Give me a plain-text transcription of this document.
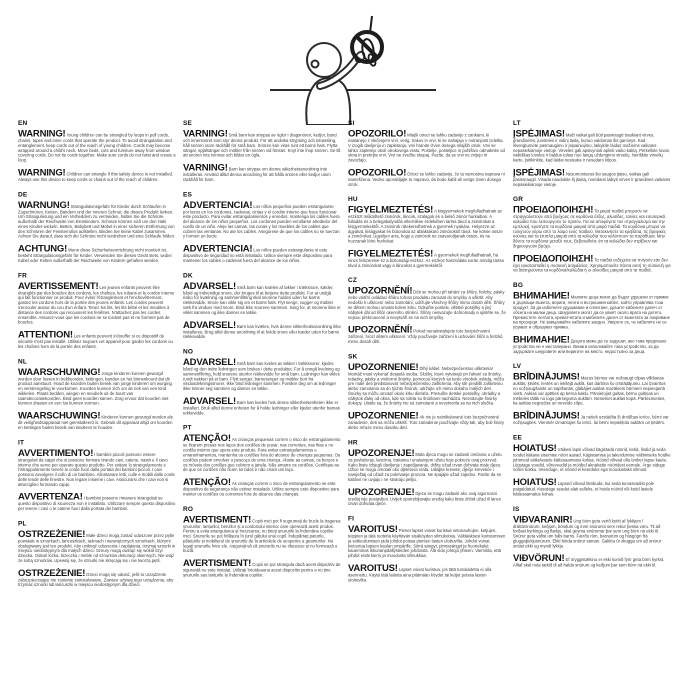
EN

WARNING!Young children can be strangled by loops in pull cords, chains, tapes and inner cords that operate the product. To avoid strangulation and entanglement, keep cords out of the reach of young children. Cords may become wrapped around a child's neck. Move beds, cots and furniture away from window covering cords. Do not tie cords together. Make sure cords do not twist and create a loop.

WARNING!Children can strangle if this safety device is not installed. Always use this device to keep cords or chains out of the reach of children.

DE

WARNUNG!Strangulationsgefahr für Kinder durch Schlaufen in Zugschnüren, Ketten, Bändern und der inneren Schnur, die dieses Produkt lenken. Um Strangulierung und ein Verheddern zu vermeiden, halten Sie die Schnüre außerhalb der Reichweite von Kleinkindern. Schnüre können sich um den Hals eines Kindes wickeln. Betten, Babybett und Möbel in einer sicheren Entfernung von den Schnüren der Fensterrollos aufstellen. Binden Sie keine Kabel zusammen. Achten Sie darauf, dass sich die Schnüre nicht verdrehen und eine Schlaufe bilden.

ACHTUNG!Wenn diese Sicherheitsvorrichtung nicht montiert ist, besteht Strangulationsgefahr für Kinder. Verwenden Sie dieses Gerät stets, wobei Kabel oder Ketten außerhalb der Reichweite von Kindern gehalten werden.

FR

AVERTISSEMENT!Les jeunes enfants peuvent être étranglés par des boucles des cordons, les chaînes, les rubans et le cordon interne qui fait fonctionner ce produit. Pour éviter l'étranglement et l'enchevêtrement, gardez les cordons hors de la portée des jeunes enfants. Les cordes peuvent s'enrouler autour du cou d'un enfant. Tenez les lits, les lits bébé et les meubles à distance des cordons qui recouvrent les fenêtres. N'attachez pas les cordes ensemble. Assurez-vous que les cordons ne se tordent pas et ne forment pas de boucles.

ATTENTION!Les enfants peuvent s'étouffer si ce dispositif de sécurité n'est pas installé. Utilisez toujours cet appareil pour garder les cordons ou les chaînes hors de la portée des enfants.

NL

WAARSCHUWING!Jonge kinderen kunnen gewurgd worden door lussen in trekkoorden, kettingen, banden en het binnenkoord dat dit product aanstuurt. Houd de koorden buiten bereik van jonge kinderen om wurging en verstrengeling te voorkomen. Koorden kunnen zich om de nek van een kind wikkelen. Plaats bedden, wiegen en meubels uit de buurt van raamdecoratiekoorden. Bind geen koorden samen. Zorg ervoor dat koorden niet kunnen draaien en een lus kunnen vormen.

WAARSCHUWING!Kinderen kunnen gewurgd worden als dit veiligheidsapparaat niet geïnstalleerd is. Gebruik dit apparaat altijd om koorden en kettingen buiten bereik van kinderen te houden.

IT

AVVERTIMENTO!I bambini piccoli possono essere strangolati da cappi che si possono formare tirando cavi, catene, nastri e il cavo interno che serve per operare questo prodotto. Per evitare lo strangolamento e l'intrappolamento tenere le corde fuori dalla portata dei bambini piccoli. I cavi possono avvolgere il collo di un bambino. Allontanare letti, culle e mobili dalle corde delle tende delle finestre. Non legare insieme i cavi. Assicurarsi che i cavi non si attorciglino formando cappi.

AVVERTENZA!I bambini possono rimanere strangolati se questo dispositivo di sicurezza non è installato. Utilizzare sempre questo dispositivo per tenere i cavi o le catene fuori dalla portata dei bambini.

PL

OSTRZEŻENIE!Małe dzieci mogą zostać uduszone przez pętle powstałe w sznurkach, łańcuszkach, taśmach i wewnętrznych sznurkach, którymi obsługiwany jest ten produkt. Aby uniknąć uduszenia i zaplątania, trzymaj sznurki w miejscu niedostępnym dla małych dzieci. Sznury mogą owinąć się wokół szyi dziecka. Odsuń łóżka, łóżeczka i meble od sznurków dekoracji okiennych. Nie wiąż ze sobą sznurków. Upewnij się, że sznurki nie skręcają się i nie tworzą pętli.

OSTRZEŻENIE!Dzieci mogą się udusić, jeśli to urządzenie zabezpieczające nie zostanie zainstalowane. Zawsze używaj tego urządzenia, aby trzymać sznurki lub łańcuszki w miejscu niedostępnym dla dzieci.

SE

VARNING!Små barn kan strypas av öglor i dragsnören, kedjor, band och innersnöret som styr denna produkt. För att undvika strypning och intrassling, håll snören utom räckhåll för små barn. Snören kan viras runt ett barns hals. Flytta sängar, spjälsängar och möbler från snören vid fönster. Knyt inte ihop snören. Se till att snören inte tvinnas och bildar en ögla.

VARNING!Barn kan strypas om denna säkerhetsanordning inte installeras. Använd alltid denna anordning för att hålla snören eller kedjor utom räckhåll för barn.

ES

ADVERTENCIA!Los niños pequeños pueden estrangularse por lazos en los cordones, cadenas, cintas y el cordón interno que hace funcionar este producto. Para evitar estrangulamientos y enredos, mantenga los cables fuera del alcance de los niños pequeños. Los cordones pueden enrollarse alrededor del cuello de un niño. Aleje las camas, las cunas y los muebles de los cables que cubren las ventanas. No ate los cables. Asegúrese de que los cables no se tuerzan y formen un bucle.

ADVERTENCIA!Los niños pueden estrangularse si este dispositivo de seguridad no está instalado. Utilice siempre este dispositivo para mantener los cables o cadenas fuera del alcance de los niños.

DK

ADVARSEL!Små børn kan kvæles af løkker i træksnore, kæder, bånd og indvendige snore, der bruges til at betjene dette produkt. For at undgå risiko for kvælning og sammenfiltring skal snorene holdes uden for børns rækkevidde. Snore kan vikle sig om et barns hals. Flyt senge, vugger og møbler væk fra vinduer med snore. Bind ikke snorene sammen. Sørg for, at snorene ikke er viklet sammen og ikke danner en løkke.

ADVARSEL!Børn kan kvæles, hvis denne sikkerhedsanordning ikke installeres. Brug altid denne anordning til at holde snore eller kæder uden for børns rækkevidde.

NO

ADVARSEL!Små barn kan kveles av løkker i trekksnorer, kjeder, bånd og den indre ledningen som brukes i dette produktet. For å unngå kvelning og sammenfiltring, hold snorene utenfor rekkevidde for små barn. Ledninger kan vikles rundt nakken på et barn. Flytt senger, barnesenger og møbler bort fra vindusdekningssnorer. Ikke bind ledninger sammen. Forsikre deg om at ledninger ikke tvinner seg sammen og danner en løkke.

ADVARSEL!Barn kan kveles hvis denne sikkerhetsenheten ikke er installert. Bruk alltid denne enheten for å holde ledninger eller kjeder utenfor barnas rekkevidde.

PT

ATENÇÃO!As crianças pequenas correm o risco de estrangulamento se ficarem presas nos laços dos cordões de puxar, nas correntes, nas fitas e no cordão interno que opera este produto. Para evitar estrangulamentos e emaranhamentos, mantenha os cordões fora do alcance de crianças pequenas. Os cordões podem envolver o pescoço de uma criança. Afaste as camas, os berços e os móveis dos cordões que cobrem a janela. Não amarre os cordões. Certifique-se de que os cordões não ficam torcidos e não criam um laço.

ATENÇÃO!As crianças correm o risco de estrangulamento se este dispositivo de segurança não estiver instalado. Utilize sempre este dispositivo para manter os cordões ou correntes fora do alcance das crianças.

RO

AVERTISMENT!Copiii mici pot fi sugrumați de bucle la tragerea șnururilor, lanțurilor, benzilor și a cordonului interior care operează acest produs. Pentru a evita strangularea și încurcarea, nu țineți șnururile la îndemâna copiilor mici. Șnururile se pot înfășura în jurul gâtului unui copil. Îndepărtați paturile, pătuțurile și mobilierul de șnururile de la articolele de acoperire a geamurilor. Nu legați șnururile între ele. Asigurați-vă că șnururile nu se răsucesc și nu formează o buclă.

AVERTISMENT!Copiii se pot strangula dacă acest dispozitiv de siguranță nu este instalat. Utilizați întotdeauna acest dispozitiv pentru a nu ține șnururile sau lanțurile la îndemâna copiilor.

SI

OPOZORILO!Mlajši otroci se lahko zadavijo z zankami, ki nastanejo z vlečenjem vrvi, verig, trakov in vrvi, ki se nahajajo v notranjosti izdelka. V izogib davljenju in zapletanju, vrvi hranite izven dosega mlajših otrok. Vrvi se lahko zapletejo okoli otrokovega vratu. Postelje, posteljice in pohištvo odmaknite od okna in prekrijte vrvi. Vrvi ne zvežite skupaj. Pazite, da se vrvi ne zvijejo in zavozlajo.

OPOZORILO!Otroci se lahko zadavijo, če ta varnostna naprava ni nameščena. Vedno uporabljajte to napravo, da bodo kabli ali verige izven dosega otrok.

HU

FIGYELMEZTETÉS!A kisgyermekek megfulladhatnak az eszközt működtető zsinórok, láncok, szalagok és a belső zsinór hurkaiban. A fulladás és a belegabalyodás elkerülése érdekében tartsa távol a zsinórokat a kisgyermekektől. A zsinórok rátekeredhetnek a gyermek nyakára. Helyezze az ágyakat, kiságyakat és bútorokat az ablaktakaró zsinóroktól távol. Ne kösse össze a zsinórokat. Ügyeljen arra, hogy a zsinórok ne csavarodjanak össze, és ne hozzanak létre hurkokat.

FIGYELMEZTETÉS!A gyermekek megfulladhatnak, ha nincs felszerelve ez a biztonsági eszköz. Az eszköz használata során mindig tartsa távol a zsinórokat vagy a láncokat a gyermekektől.

CZ

UPOZORNĚNÍ!Děti se mohou při tahání za šňůry, řetízky, pásky nebo vnitřní ovládací šňůru tohoto produktu zamotat do smyčky a uškrtit. Aby nedošlo k uškrcení nebo zamotání, udržujte všechny šňůry mimo dosah dětí. Šňůry se dětem mohou omotat kolem krku. Odsuňte postele, dětské postýlky a jiný nábytek dál od šňůr okenního stínění. Šňůry nesvazujte dohromady a ujistěte se, že nejsou překroucené a nevytváří se na nich smyčky.

UPOZORNĚNÍ!Pokud nenainstalujete toto bezpečnostní zařízení, hrozí dětem uškrcení. Vždy používejte zařízení k uchování šňůr a řetízků mimo dosah dětí.

SK

UPOZORNENIE!Dlhý kábel. Nebezpečenstvo uškrtenia! Montáž musí vykonať dospelá osoba. Slučky, ktoré vytvárajú pri ťahaní za šnúrky, retiazky, pásky a vnútorné šnúrky, pomocou ktorých sa tento výrobok ovláda, môžu pre malé deti predstavovať nebezpečenstvo zaškrtenia. Aby ste predišli zaškrteniu alebo zamotaniu sa do týchto šnúrok, udržujte ich mimo dosahu malých detí. Šnúrky sa môžu omotať okolo krku dieťaťa. Presuňte detské postieľky, ohrádky a nábytok ďalej od okna, kde sa roleta so šnúrkami nachádza. Nezväzujte šnúrky dokopy. Uistite sa, že šnúrky nie sú zamotané a nevytvorila sa na nich slučka.

UPOZORNENIE!Ak nie je nainštalované toto bezpečnostné zariadenie, deti sa môžu uškrtiť. Toto zariadenie používajte vždy tak, aby boli šnúry alebo reťaze mimo dosahu detí.

HR

UPOZORENJE!Mala djeca mogu se zadaviti omčama u užetu za povlačenje, lancima, trakama i unutarnjem užetu koje pokreće ovaj proizvod. Kako biste izbjegli davljenje i zapetljavanje, držite užad izvan dohvata male djece. Užice se mogu omotati oko djetetova vrata. Udaljite krevete, dječje krevetiće i namještaj od užadi za pokrivanje prozora. Ne spajajte užad zajedno. Pazite da se kablovi ne uvijaju i ne stvaraju petlju.

UPOZORENJE!Djeca se mogu zadaviti ako ovaj sigurnosni uređaj nije postavljen. Uvijek upotrebljavajte uređaj kako biste držali užad ili lance izvan dohvata djece.

FI

VAROITUS!Pienet lapset voivat kuristua vetonauhojen, ketjujen, teippien ja tätä tuotetta käyttävän sisäköyden silmukoista. Välttääksesi kuristumisen ja sotkeutumisen pidä johdot poissa pienten lasten ulottuvilta. Johdot voivat kietoutua lapsen kaulan ympärille. Siirrä sängyt, pinnasängyt ja huonekalut kauemmas ikkunanpäällysteiden johdoista. Älä sido johtoja yhteen. Varmista, että johdot eivät kierry ja muodosta silmukkaa.

VAROITUS!Lapset voivat kuristua, jos tätä turvalaitetta ei olla asennettu. Käytä tätä laitetta aina pitämään köydet tai ketjut poissa lasten ulottuvilta.

LT

ĮSPĖJIMAS!Maži vaikai gali būti pasmaugti traukiant virves, grandinėles, juosteles ir vidinį laidą, kuriuo valdomas šis gaminys. Kad išvengtumėte pasmaugimo ir įsipainiojimo, laikykite laidus mažiems vaikams nepasiekiamoje vietoje. Virvelės gali apsivynioti aplink vaiko kaklą. Perkelkite lovas, vaikiškas loveles ir baldus toliau nuo langų uždengimo virvelių. Neriškite virvelių kartu. Įsitikinkite, kad laidai nesisuka ir nesudaro kilpos.

ĮSPĖJIMAS!Nesumontavus šio saugos įtaiso, vaikas gali pasismaugti. Visada naudokite šį įtaisą, norėdami laikyti virves ir grandines vaikams nepasiekiamoje vietoje.

GR

ΠΡΟΕΙΔΟΠΟΙΗΣΗ!Τα μικρά παιδιά μπορούν να στραγγαλιστούν από βρόχους σε κορδόνια έλξης, αλυσίδες, ταινίες και εσωτερικά καλώδια που λειτουργούν το προϊόν. Για να αποφύγετε τον στραγγαλισμό και την εμπλοκή, κρατήστε τα κορδόνια μακριά από μικρά παιδιά. Τα κορδόνια μπορεί να τυλιχτούν γύρω από το λαιμό ενός παιδιού. Μετακινήστε τα κρεβάτια, τις βρεφικές κούνιες και τα έπιπλα μακριά από τα καλώδια που καλύπτουν τα παράθυρα. Μην δένετε τα κορδόνια μεταξύ τους. Βεβαιωθείτε ότι τα καλώδια δεν στρίβουν και δημιουργούν βρόχο.

ΠΡΟΕΙΔΟΠΟΙΗΣΗ!Τα παιδιά ενδέχεται να πνιγούν εάν δεν έχει εγκατασταθεί η συσκευή ασφαλείας. Χρησιμοποιείτε πάντα αυτή τη συσκευή για να διατηρούνται τα κορδόνια/καλώδια ή οι αλυσίδες μακριά από τα παιδιά.

BG

ВНИМАНИЕ!Малките деца могат да бъдат удушени от примки в дърпащи въжета, вериги, ленти и вътрешния кабел, който управлява този продукт. За да избегнете удушаване и сплитане, дръжте кабелите далеч от обсега на малки деца. Шнуровете могат да се увият около врата на детето. Преместете леглата, креватчетата и мебелите далеч от въжетата за покриване на прозорци. Не завързвайте кабелите заедно. Уверете се, че кабелите не се усукват и образуват примка.

ВНИМАНИЕ!Децата може да се задушат, ако това предпазно устройство не е инсталирано. Винаги използвайте това устройство, за да задържате шнуровете или веригите на място, недостъпно за деца.

LV

BRĪDINĀJUMS!Mazus bērnus var nožņaugt cilpas vilkšanas auklās, ķēdēs, lentēs un iekšējā auklā, kas darbina šo izstrādājumu. Lai izvairītos no nožņaugšanās un sapīšanās, glabājiet auklas mazākiem bērniem nepieejamā vietā. Auklas var aptīties ap bērna kaklu. Pārvietojiet gultas, bērnu gultiņas un mēbeles tālāk no logu pārseguma auklām. Nesieniet auklas kopā. Pārliecinieties, ka auklas negriežas un neveido cilpu.

BRĪDINĀJUMS!Ja netiek uzstādīta šī drošības ierīce, bērni var nožņaugties. Vienmēr izmantojiet šo ierīci, lai bērni nepiekļūtu auklām un ķēdēm.

EE

HOIATUS!Väikesi lapsi võivad kägistada nöörid, ketid, lindid ja seda toodet käitava sisemise nööri aasad. Kägistamise ja takerdumise vältimiseks hoidke juhtmeid väikelastele kättesaamatus kohas. Nöörid võivad olla ümber lapse kaela. Liigutage voodid, võrevoodid ja mööbel aknakatte nööridest eemale. Ärge siduge nööre kokku. Veenduge, et nöörid ei keerduks ega moodustaks silmust.

HOIATUS!Lapsed võivad lämbuda, kui seda turvaseadist pole paigaldatud. Kasutage seadet alati selleks, et hoida nöörid või ketid lastele kättesaamatus kohas.

IS

VIÐVARANIR!Ung börn geta verið kyrkt af lykkjum í dráttarsnúrum, keðjum, böndum og innri snúrunni sem rekur þessa vöru. Til að forðast kyrkingu og flækju, skal geyma snúrurnar þar sem ung börn ná ekki til. Snúrur geta vafist um háls barns. Færðu rúm, barnarúm og húsgögn frá gluggaþekjusnúrum. Ekki binda snúrur saman. Gakktu úr skugga um að snúrur snúist ekki og myndi lykkju.

VIÐVÖRUN!Ef öryggistækinu er ekki komið fyrir geta börn kyrkst. Alltaf skal nota tækið til að halda snúrum og keðjum þar sem börn ná ekki til.
